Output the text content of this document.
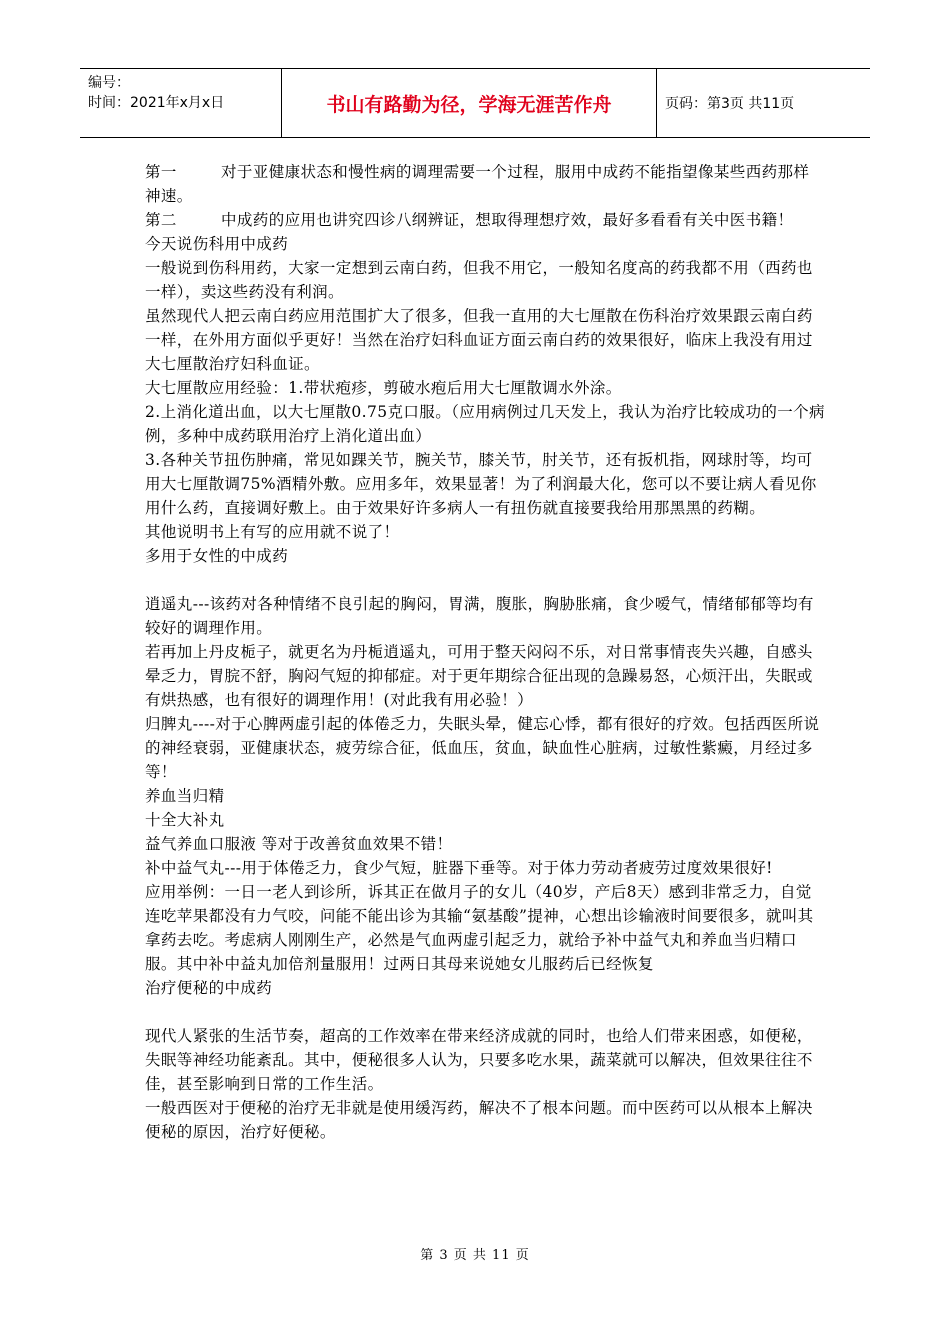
编号：
时间：2021年x月x日	书山有路勤为径，学海无涯苦作舟	页码：第3页 共11页

第一	对于亚健康状态和慢性病的调理需要一个过程，服用中成药不能指望像某些西药那样神速。

第二	中成药的应用也讲究四诊八纲辨证，想取得理想疗效，最好多看看有关中医书籍！

今天说伤科用中成药

一般说到伤科用药，大家一定想到云南白药，但我不用它，一般知名度高的药我都不用（西药也一样），卖这些药没有利润。

虽然现代人把云南白药应用范围扩大了很多，但我一直用的大七厘散在伤科治疗效果跟云南白药一样，在外用方面似乎更好！当然在治疗妇科血证方面云南白药的效果很好，临床上我没有用过大七厘散治疗妇科血证。

大七厘散应用经验：1.带状疱疹，剪破水疱后用大七厘散调水外涂。

2.上消化道出血，以大七厘散0.75克口服。（应用病例过几天发上，我认为治疗比较成功的一个病例，多种中成药联用治疗上消化道出血）

3.各种关节扭伤肿痛，常见如踝关节，腕关节，膝关节，肘关节，还有扳机指，网球肘等，均可用大七厘散调75%酒精外敷。应用多年，效果显著！为了利润最大化，您可以不要让病人看见你用什么药，直接调好敷上。由于效果好许多病人一有扭伤就直接要我给用那黑黑的药糊。

其他说明书上有写的应用就不说了！

多用于女性的中成药

逍遥丸---该药对各种情绪不良引起的胸闷，胃满，腹胀，胸胁胀痛，食少嗳气，情绪郁郁等均有较好的调理作用。

若再加上丹皮栀子，就更名为丹栀逍遥丸，可用于整天闷闷不乐，对日常事情丧失兴趣，自感头晕乏力，胃脘不舒，胸闷气短的抑郁症。对于更年期综合征出现的急躁易怒，心烦汗出，失眠或有烘热感，也有很好的调理作用！(对此我有用必验！）

归脾丸----对于心脾两虚引起的体倦乏力，失眠头晕，健忘心悸，都有很好的疗效。包括西医所说的神经衰弱，亚健康状态，疲劳综合征，低血压，贫血，缺血性心脏病，过敏性紫癜，月经过多等！

养血当归精

十全大补丸

益气养血口服液 等对于改善贫血效果不错！

补中益气丸---用于体倦乏力，食少气短，脏器下垂等。对于体力劳动者疲劳过度效果很好!

应用举例：一日一老人到诊所，诉其正在做月子的女儿（40岁，产后8天）感到非常乏力，自觉连吃苹果都没有力气咬，问能不能出诊为其输“氨基酸”提神，心想出诊输液时间要很多，就叫其拿药去吃。考虑病人刚刚生产，必然是气血两虚引起乏力，就给予补中益气丸和养血当归精口服。其中补中益丸加倍剂量服用！过两日其母来说她女儿服药后已经恢复

治疗便秘的中成药

现代人紧张的生活节奏，超高的工作效率在带来经济成就的同时，也给人们带来困惑，如便秘，失眠等神经功能紊乱。其中，便秘很多人认为，只要多吃水果，蔬菜就可以解决，但效果往往不佳，甚至影响到日常的工作生活。

一般西医对于便秘的治疗无非就是使用缓泻药，解决不了根本问题。而中医药可以从根本上解决便秘的原因，治疗好便秘。

第 3 页 共 11 页
